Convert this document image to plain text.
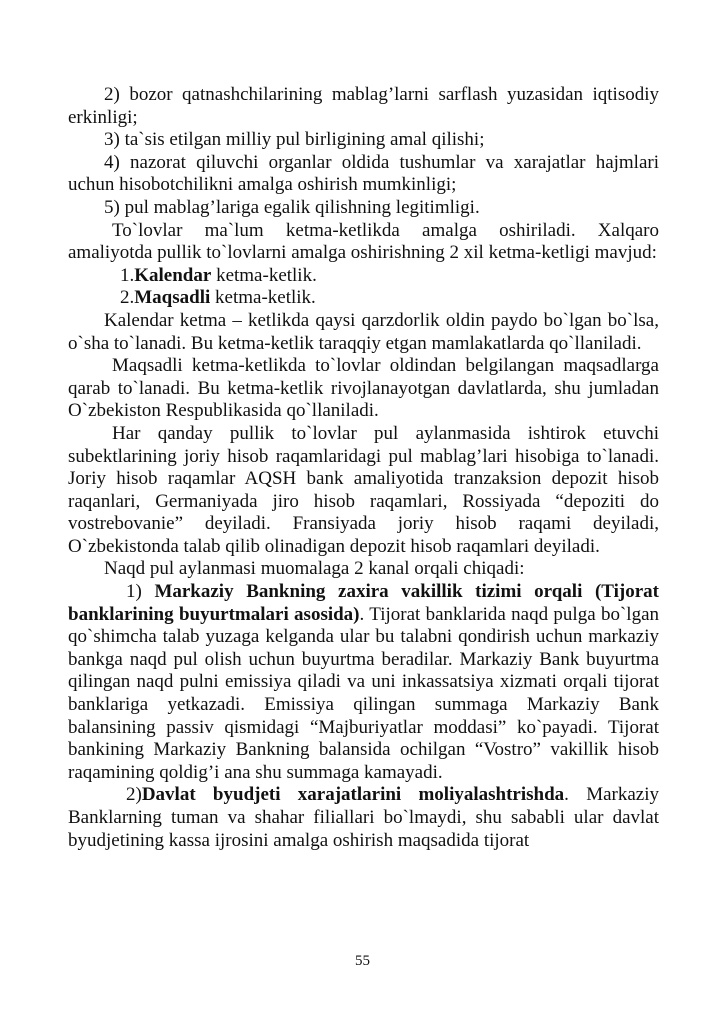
2) bozor qatnashchilarining mablag’larni sarflash yuzasidan iqtisodiy erkinligi;

3) ta`sis etilgan milliy pul birligining amal qilishi;

4) nazorat qiluvchi organlar oldida tushumlar va xarajatlar hajmlari uchun hisobotchilikni amalga oshirish mumkinligi;

5) pul mablag’lariga egalik qilishning legitimligi.

To`lovlar ma`lum ketma-ketlikda amalga oshiriladi. Xalqaro amaliyotda pullik to`lovlarni amalga oshirishning 2 xil ketma-ketligi mavjud:

1.Kalendar ketma-ketlik.

2.Maqsadli ketma-ketlik.

Kalendar ketma – ketlikda qaysi qarzdorlik oldin paydo bo`lgan bo`lsa, o`sha to`lanadi. Bu ketma-ketlik taraqqiy etgan mamlakatlarda qo`llaniladi.

Maqsadli ketma-ketlikda to`lovlar oldindan belgilangan maqsadlarga qarab to`lanadi. Bu ketma-ketlik rivojlanayotgan davlatlarda, shu jumladan O`zbekiston Respublikasida qo`llaniladi.

Har qanday pullik to`lovlar pul aylanmasida ishtirok etuvchi subektlarining joriy hisob raqamlaridagi pul mablag’lari hisobiga to`lanadi. Joriy hisob raqamlar AQSH bank amaliyotida tranzaksion depozit hisob raqanlari, Germaniyada jiro hisob raqamlari, Rossiyada “depoziti do vostrebovanie” deyiladi. Fransiyada joriy hisob raqami deyiladi, O`zbekistonda talab qilib olinadigan depozit hisob raqamlari deyiladi.

Naqd pul aylanmasi muomalaga 2 kanal orqali chiqadi:

1) Markaziy Bankning zaxira vakillik tizimi orqali (Tijorat banklarining buyurtmalari asosida). Tijorat banklarida naqd pulga bo`lgan qo`shimcha talab yuzaga kelganda ular bu talabni qondirish uchun markaziy bankga naqd pul olish uchun buyurtma beradilar. Markaziy Bank buyurtma qilingan naqd pulni emissiya qiladi va uni inkassatsiya xizmati orqali tijorat banklariga yetkazadi. Emissiya qilingan summaga Markaziy Bank balansining passiv qismidagi “Majburiyatlar moddasi” ko`payadi. Tijorat bankining Markaziy Bankning balansida ochilgan “Vostro” vakillik hisob raqamining qoldig’i ana shu summaga kamayadi.

2)Davlat byudjeti xarajatlarini moliyalashtrishda. Markaziy Banklarning tuman va shahar filiallari bo`lmaydi, shu sababli ular davlat byudjetining kassa ijrosini amalga oshirish maqsadida tijorat

55
